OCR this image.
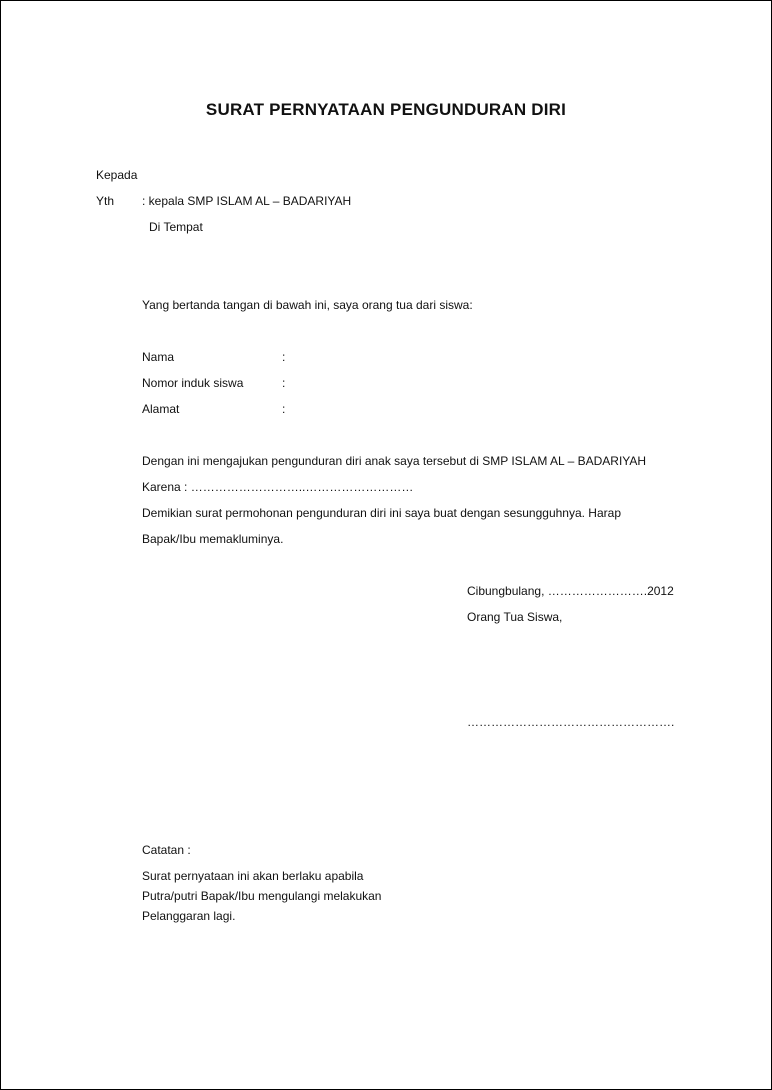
SURAT PERNYATAAN PENGUNDURAN DIRI
Kepada
Yth : kepala SMP ISLAM AL – BADARIYAH
Di Tempat
Yang bertanda tangan di bawah ini, saya orang tua dari siswa:
Nama	:
Nomor induk siswa	:
Alamat	:
Dengan ini mengajukan pengunduran diri anak saya tersebut di SMP ISLAM AL – BADARIYAH
Karena : ………………………..………………………
Demikian surat permohonan pengunduran diri ini saya buat dengan sesungguhnya. Harap
Bapak/Ibu memakluminya.
Cibungbulang, …………………….2012
Orang Tua Siswa,
…………………………………………….
Catatan :
Surat pernyataan ini akan berlaku apabila
Putra/putri Bapak/Ibu mengulangi melakukan
Pelanggaran lagi.
